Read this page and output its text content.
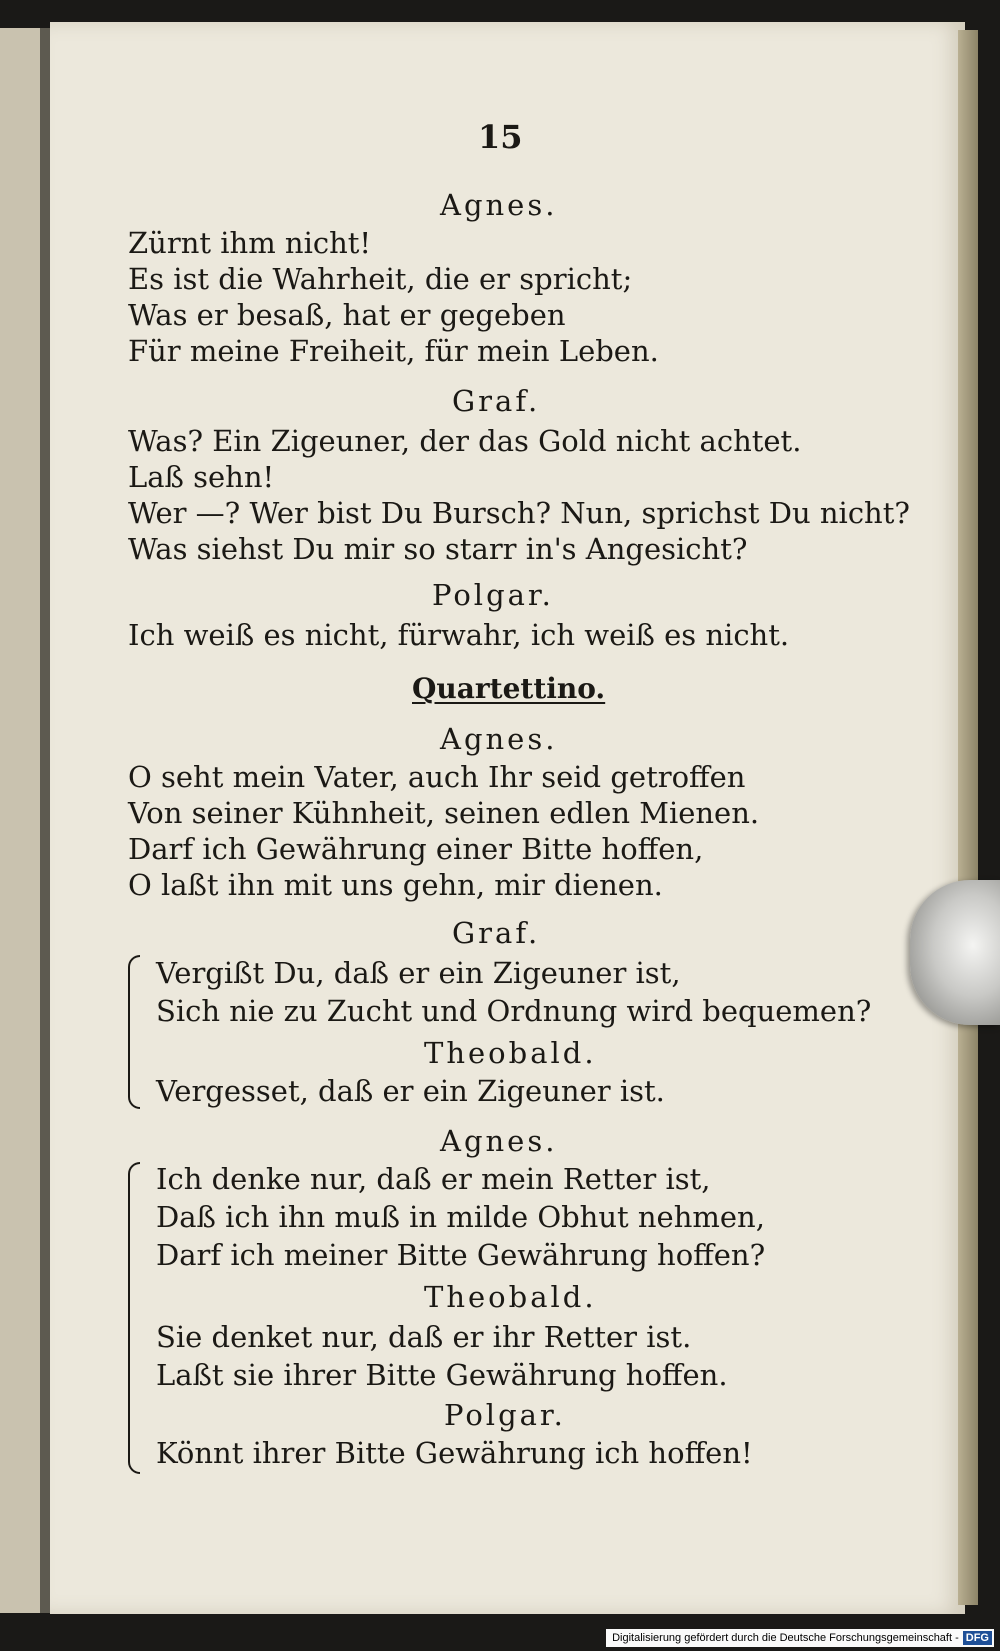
15
Agnes.
Zürnt ihm nicht!
Es ist die Wahrheit, die er spricht;
Was er besaß, hat er gegeben
Für meine Freiheit, für mein Leben.
Graf.
Was? Ein Zigeuner, der das Gold nicht achtet.
Laß sehn!
Wer —? Wer bist Du Bursch? Nun, sprichst Du nicht?
Was siehst Du mir so starr in's Angesicht?
Polgar.
Ich weiß es nicht, fürwahr, ich weiß es nicht.
Quartettino.
Agnes.
O seht mein Vater, auch Ihr seid getroffen
Von seiner Kühnheit, seinen edlen Mienen.
Darf ich Gewährung einer Bitte hoffen,
O laßt ihn mit uns gehn, mir dienen.
Graf.
Vergißt Du, daß er ein Zigeuner ist,
Sich nie zu Zucht und Ordnung wird bequemen?
Theobald.
Vergesset, daß er ein Zigeuner ist.
Agnes.
Ich denke nur, daß er mein Retter ist,
Daß ich ihn muß in milde Obhut nehmen,
Darf ich meiner Bitte Gewährung hoffen?
Theobald.
Sie denket nur, daß er ihr Retter ist.
Laßt sie ihrer Bitte Gewährung hoffen.
Polgar.
Könnt ihrer Bitte Gewährung ich hoffen!
Digitalisierung gefördert durch die Deutsche Forschungsgemeinschaft - DFG
